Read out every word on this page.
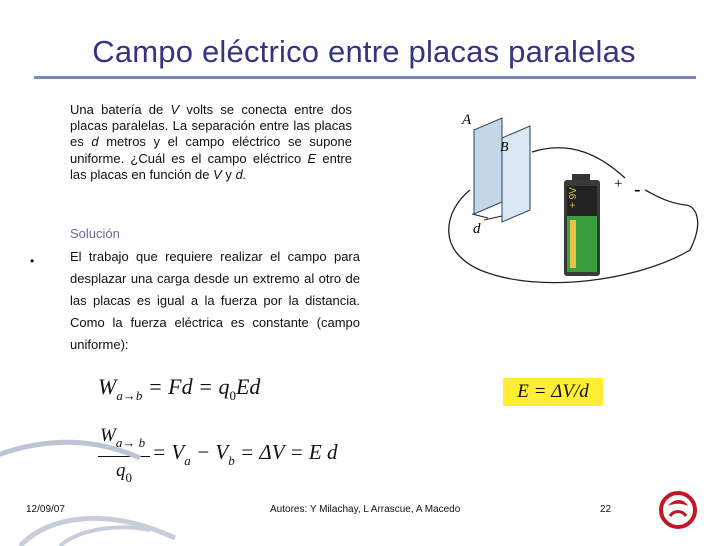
Campo eléctrico entre placas paralelas
Una batería de V volts se conecta entre dos placas paralelas. La separación entre las placas es d metros y el campo eléctrico se supone uniforme. ¿Cuál es el campo eléctrico E entre las placas en función de V y d.
Solución
•	El trabajo que requiere realizar el campo para desplazar una carga desde un extremo al otro de las placas es igual a la fuerza por la distancia. Como la fuerza eléctrica es constante (campo uniforme):
$W_{a\to b} = Fd = q_0Ed$
$W_{a\to b}$
$q_0$
= $V_a - V_b = \Delta V = E$ d
E = ΔV/d
A
B
d
+ 9V
+ -
12/09/07	Autores: Y Milachay, L Arrascue, A Macedo	22
